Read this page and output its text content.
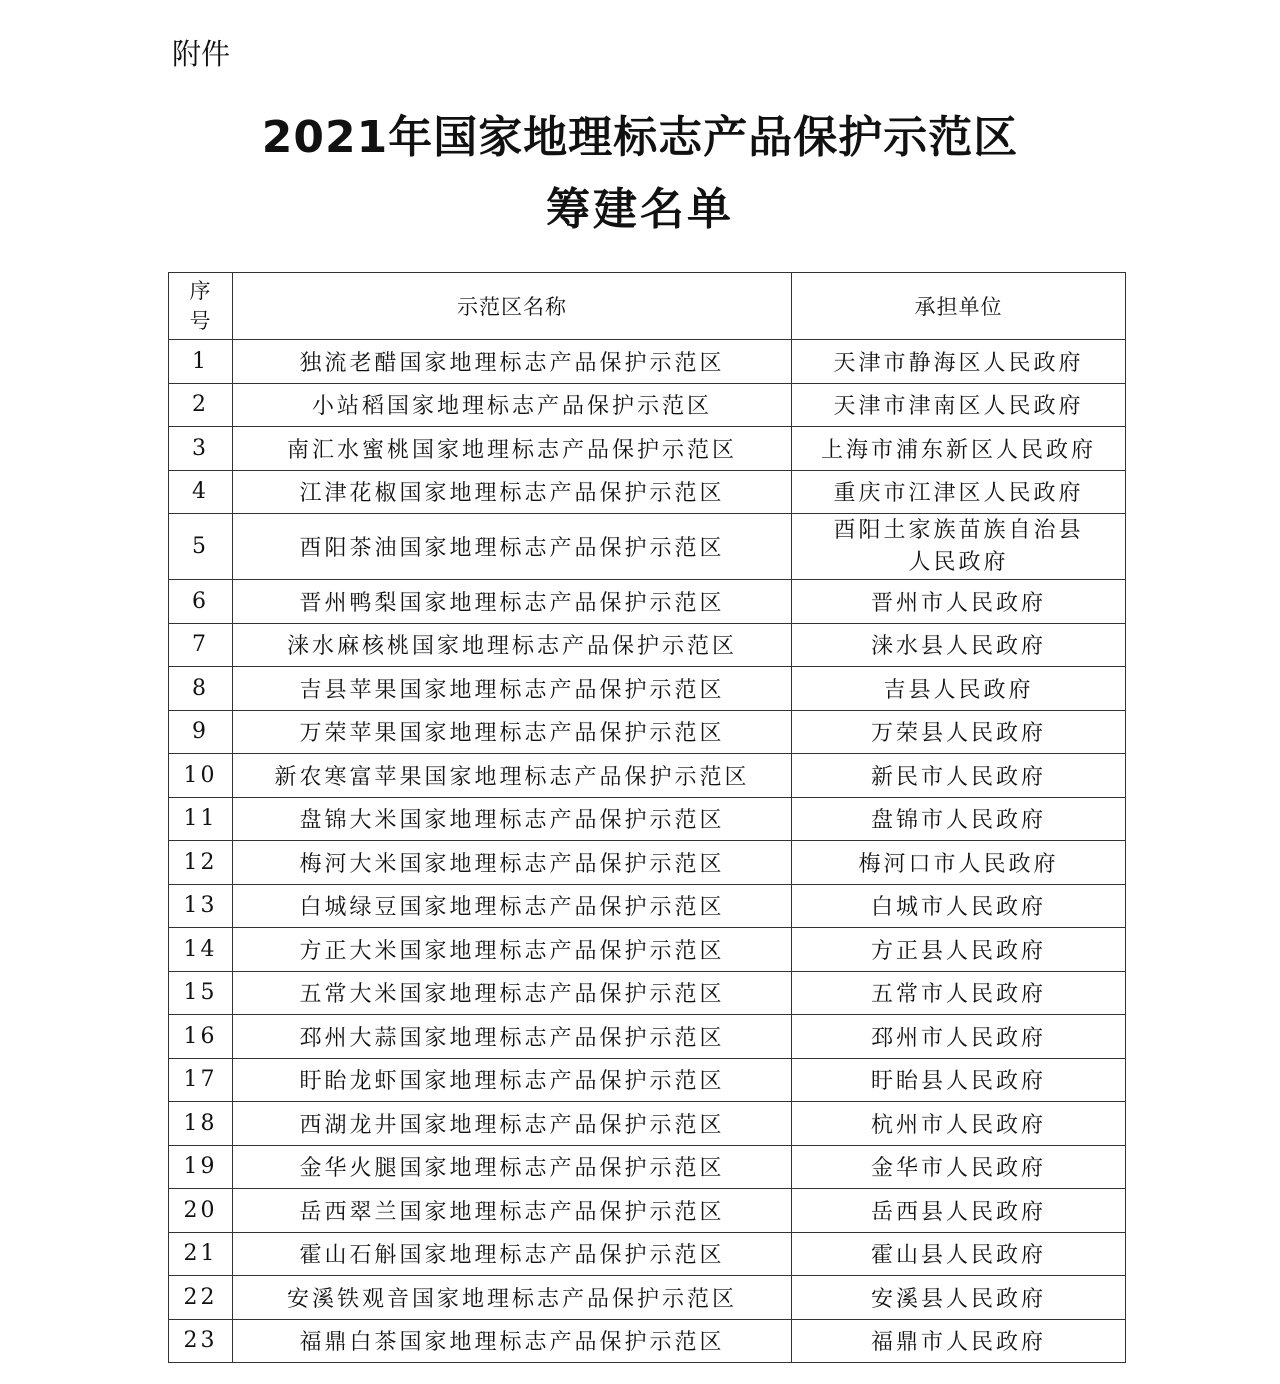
附件
2021年国家地理标志产品保护示范区
筹建名单
序
号	示范区名称	承担单位
1	独流老醋国家地理标志产品保护示范区	天津市静海区人民政府
2	小站稻国家地理标志产品保护示范区	天津市津南区人民政府
3	南汇水蜜桃国家地理标志产品保护示范区	上海市浦东新区人民政府
4	江津花椒国家地理标志产品保护示范区	重庆市江津区人民政府
5	酉阳茶油国家地理标志产品保护示范区	酉阳土家族苗族自治县
人民政府

6	晋州鸭梨国家地理标志产品保护示范区	晋州市人民政府
7	涞水麻核桃国家地理标志产品保护示范区	涞水县人民政府
8	吉县苹果国家地理标志产品保护示范区	吉县人民政府
9	万荣苹果国家地理标志产品保护示范区	万荣县人民政府
10	新农寒富苹果国家地理标志产品保护示范区	新民市人民政府
11	盘锦大米国家地理标志产品保护示范区	盘锦市人民政府
12	梅河大米国家地理标志产品保护示范区	梅河口市人民政府
13	白城绿豆国家地理标志产品保护示范区	白城市人民政府
14	方正大米国家地理标志产品保护示范区	方正县人民政府
15	五常大米国家地理标志产品保护示范区	五常市人民政府
16	邳州大蒜国家地理标志产品保护示范区	邳州市人民政府
17	盱眙龙虾国家地理标志产品保护示范区	盱眙县人民政府
18	西湖龙井国家地理标志产品保护示范区	杭州市人民政府
19	金华火腿国家地理标志产品保护示范区	金华市人民政府
20	岳西翠兰国家地理标志产品保护示范区	岳西县人民政府
21	霍山石斛国家地理标志产品保护示范区	霍山县人民政府
22	安溪铁观音国家地理标志产品保护示范区	安溪县人民政府
23	福鼎白茶国家地理标志产品保护示范区	福鼎市人民政府
